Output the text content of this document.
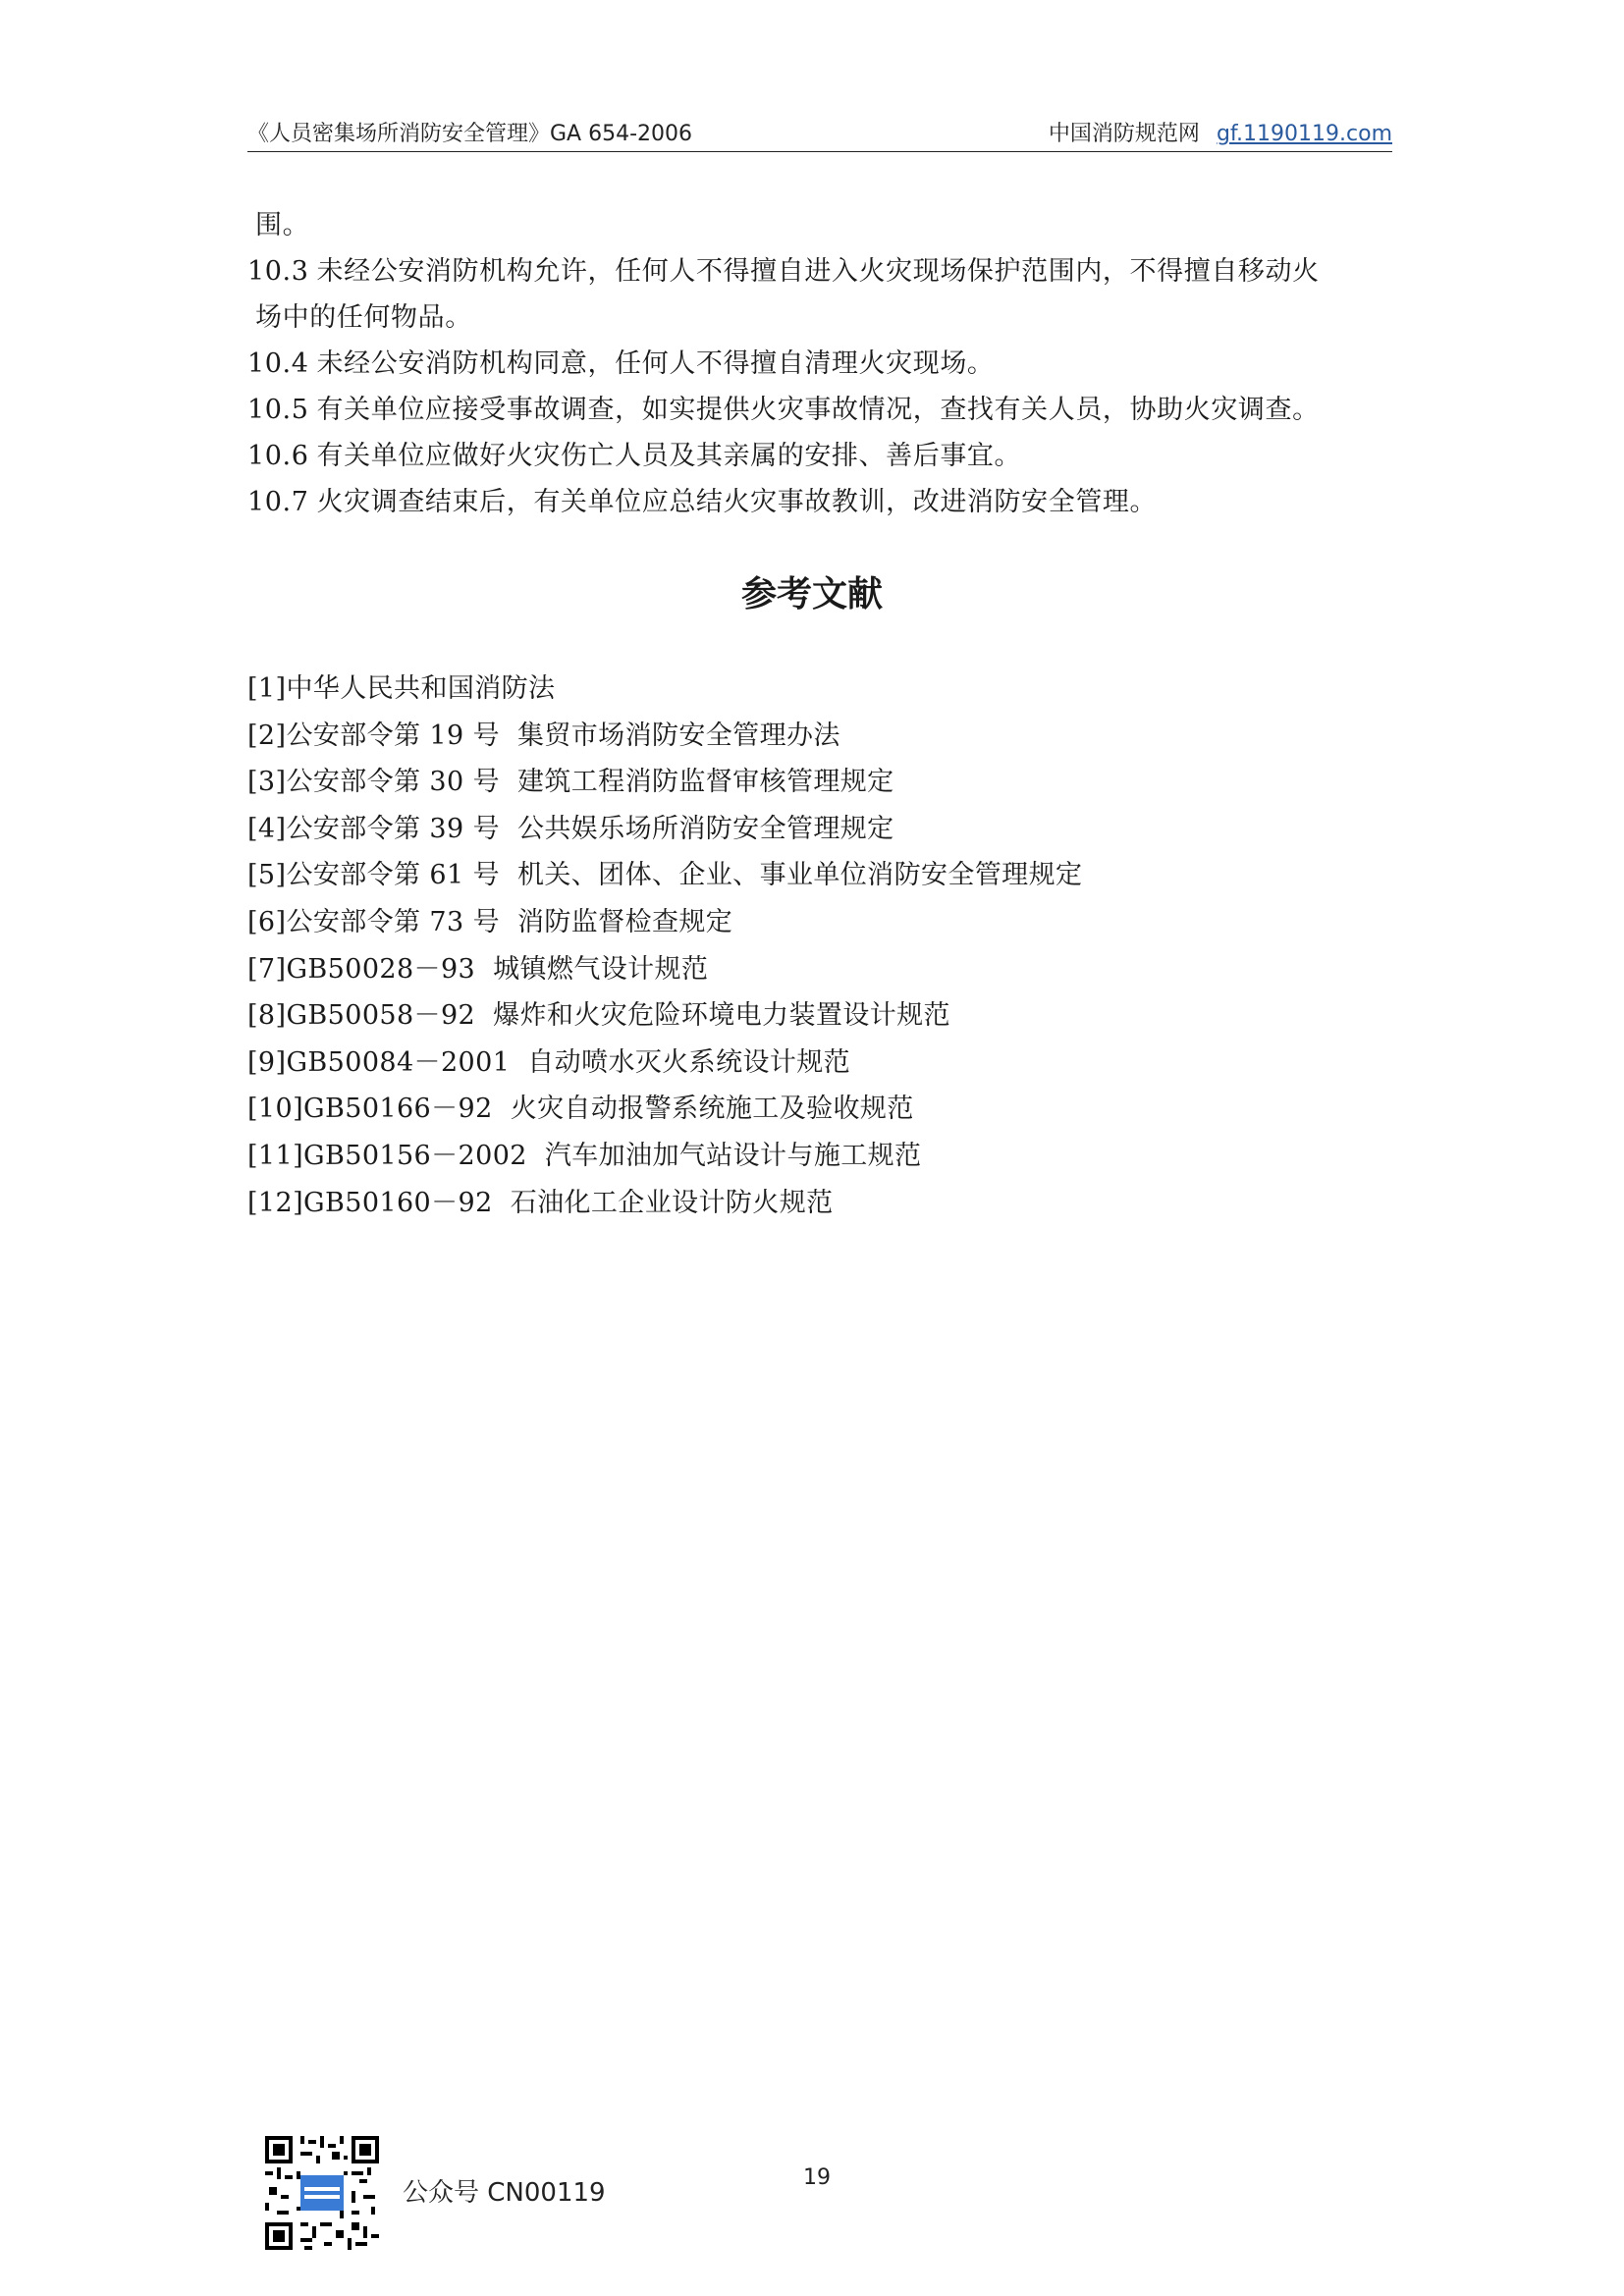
《人员密集场所消防安全管理》GA 654-2006	中国消防规范网 gf.1190119.com

围。

10.3 未经公安消防机构允许，任何人不得擅自进入火灾现场保护范围内，不得擅自移动火

场中的任何物品。

10.4 未经公安消防机构同意，任何人不得擅自清理火灾现场。

10.5 有关单位应接受事故调查，如实提供火灾事故情况，查找有关人员，协助火灾调查。

10.6 有关单位应做好火灾伤亡人员及其亲属的安排、善后事宜。

10.7 火灾调查结束后，有关单位应总结火灾事故教训，改进消防安全管理。

参考文献

[1]中华人民共和国消防法

[2]公安部令第 19 号 集贸市场消防安全管理办法

[3]公安部令第 30 号 建筑工程消防监督审核管理规定

[4]公安部令第 39 号 公共娱乐场所消防安全管理规定

[5]公安部令第 61 号 机关、团体、企业、事业单位消防安全管理规定

[6]公安部令第 73 号 消防监督检查规定

[7]GB50028－93 城镇燃气设计规范

[8]GB50058－92 爆炸和火灾危险环境电力装置设计规范

[9]GB50084－2001 自动喷水灭火系统设计规范

[10]GB50166－92 火灾自动报警系统施工及验收规范

[11]GB50156－2002 汽车加油加气站设计与施工规范

[12]GB50160－92 石油化工企业设计防火规范

公众号 CN00119
19
